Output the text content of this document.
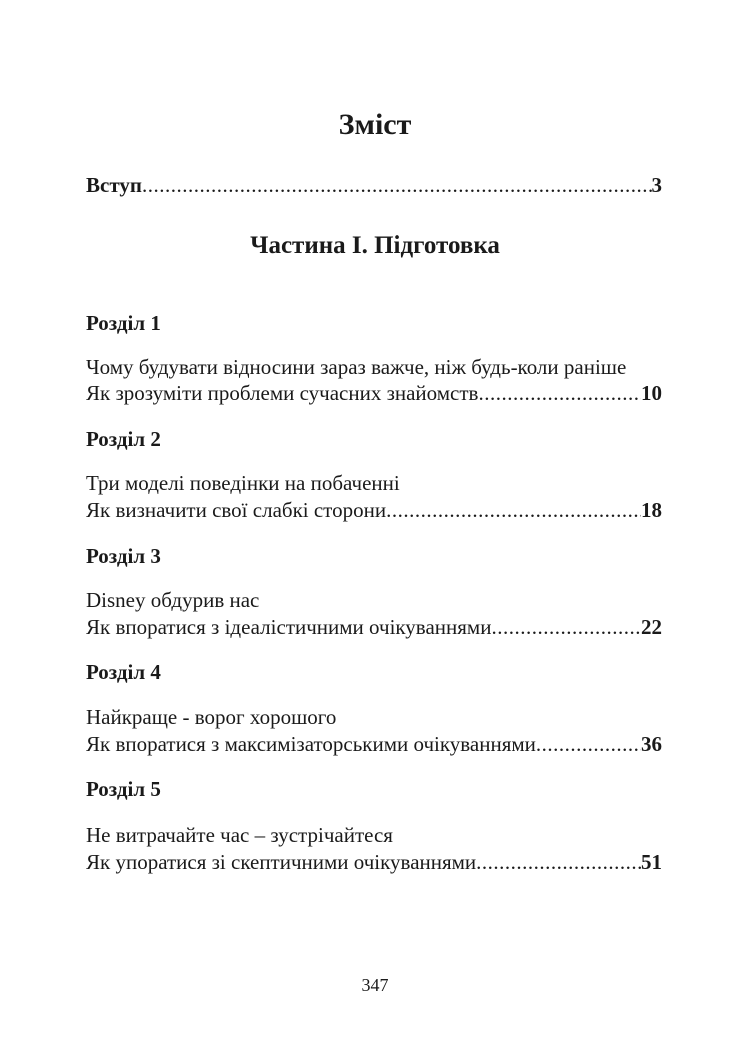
Зміст
Вступ .....	3
Частина І. Підготовка
Розділ 1
Чому будувати відносини зараз важче, ніж будь-коли раніше
Як зрозуміти проблеми сучасних знайомств .....	10
Розділ 2
Три моделі поведінки на побаченні
Як визначити свої слабкі сторони .....	18
Розділ 3
Disney обдурив нас
Як впоратися з ідеалістичними очікуваннями .....	22
Розділ 4
Найкраще - ворог хорошого
Як впоратися з максимізаторськими очікуваннями .....	36
Розділ 5
Не витрачайте час – зустрічайтеся
Як упоратися зі скептичними очікуваннями .....	51
347
